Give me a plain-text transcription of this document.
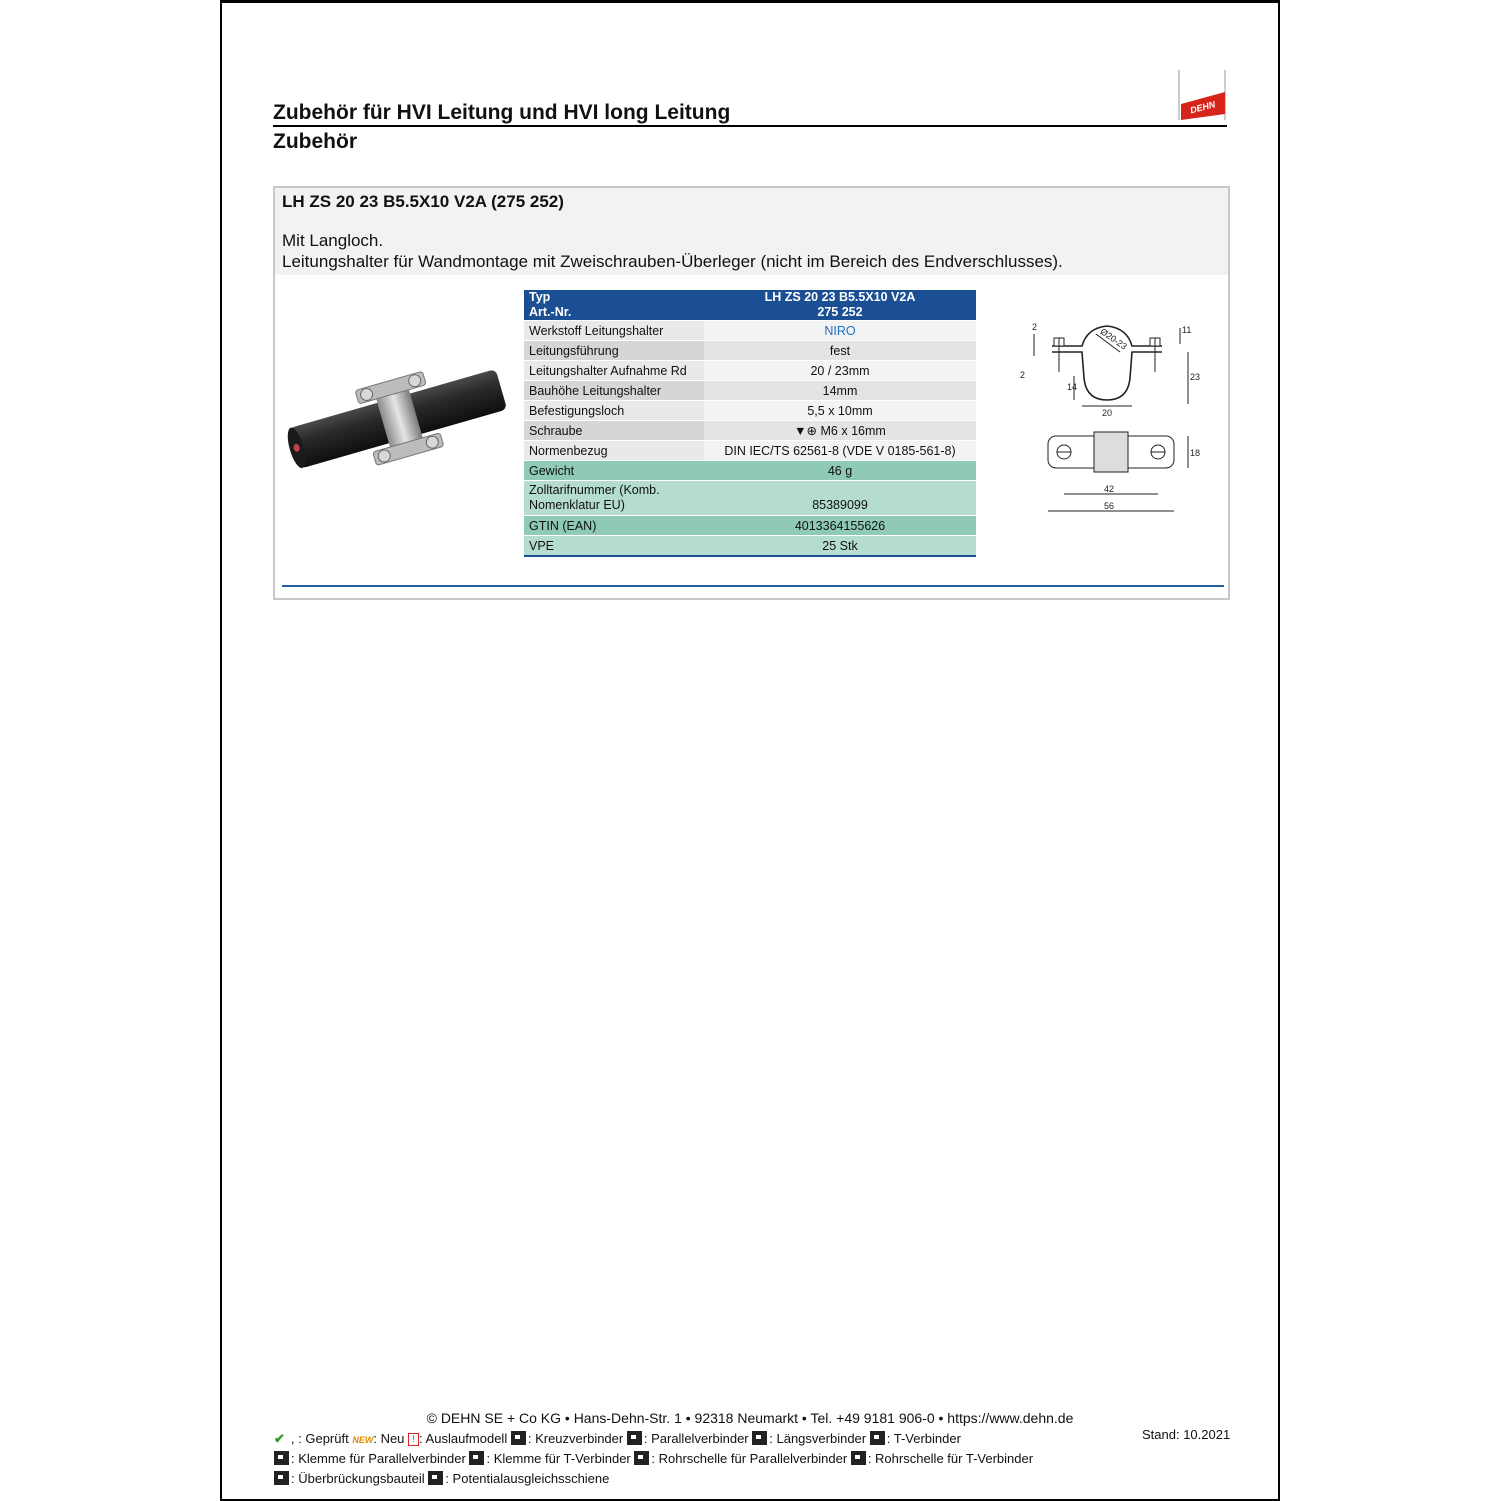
DEHN
Zubehör für HVI Leitung und HVI long Leitung
Zubehör
LH ZS 20 23 B5.5X10 V2A (275 252)
Mit Langloch.
Leitungshalter für Wandmontage mit Zweischrauben-Überleger (nicht im Bereich des Endverschlusses).
Typ	LH ZS 20 23 B5.5X10 V2A
Art.-Nr.	275 252
Werkstoff Leitungshalter	NIRO
Leitungsführung	fest
Leitungshalter Aufnahme Rd	20 / 23mm
Bauhöhe Leitungshalter	14mm
Befestigungsloch	5,5 x 10mm
Schraube	▼⊕ M6 x 16mm
Normenbezug	DIN IEC/TS 62561-8 (VDE V 0185-561-8)
Gewicht	46 g

Zolltarifnummer (Komb.
Nomenklatur EU)	85389099
GTIN (EAN)	4013364155626
VPE	25 Stk
2	Ø20-23	11
2
14
23
20
18
42
56
© DEHN SE + Co KG • Hans-Dehn-Str. 1 • 92318 Neumarkt • Tel. +49 9181 906-0 • https://www.dehn.de
Stand: 10.2021
✔ , : Geprüft NEW: Neu ! : Auslaufmodell : Kreuzverbinder : Parallelverbinder : Längsverbinder : T-Verbinder
: Klemme für Parallelverbinder : Klemme für T-Verbinder : Rohrschelle für Parallelverbinder : Rohrschelle für T-Verbinder
: Überbrückungsbauteil : Potentialausgleichsschiene
